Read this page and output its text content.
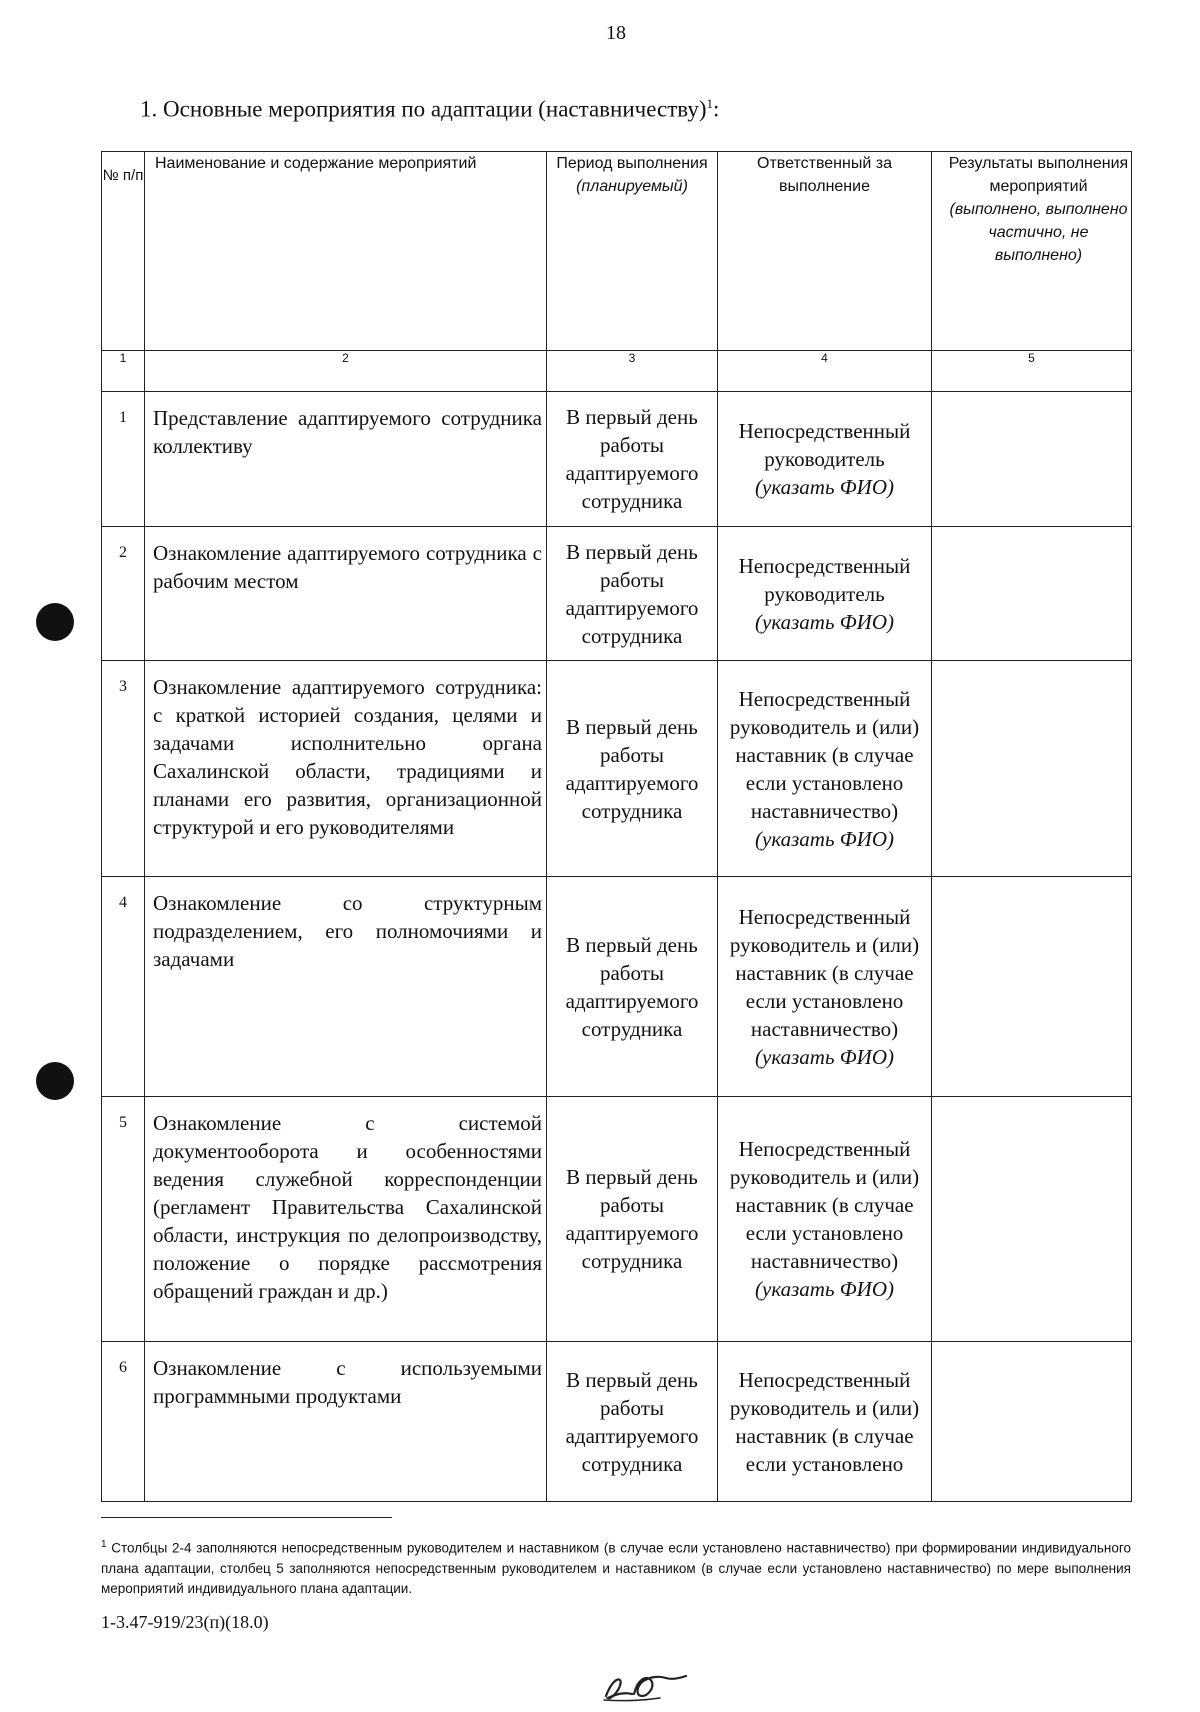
18
1. Основные мероприятия по адаптации (наставничеству)$^1$:
№ п/п	Наименование и содержание мероприятий	Период выполнения
(планируемый)	Ответственный за выполнение	Результаты выполнения мероприятий
(выполнено, выполнено частично, не выполнено)
1	2	3	4	5
1	Представление адаптируемого сотрудника коллективу	В первый день работы адаптируемого сотрудника	Непосредственный руководитель
(указать ФИО)	
2	Ознакомление адаптируемого сотрудника с рабочим местом	В первый день работы адаптируемого сотрудника	Непосредственный руководитель
(указать ФИО)	
3	Ознакомление адаптируемого сотрудника: с краткой историей создания, целями и задачами исполнительно органа Сахалинской области, традициями и планами его развития, организационной структурой и его руководителями	В первый день работы адаптируемого сотрудника	Непосредственный руководитель и (или) наставник (в случае если установлено наставничество)
(указать ФИО)	
4	Ознакомление со структурным подразделением, его полномочиями и задачами	В первый день работы адаптируемого сотрудника	Непосредственный руководитель и (или) наставник (в случае если установлено наставничество)
(указать ФИО)	
5	Ознакомление с системой документооборота и особенностями ведения служебной корреспонденции (регламент Правительства Сахалинской области, инструкция по делопроизводству, положение о порядке рассмотрения обращений граждан и др.)	В первый день работы адаптируемого сотрудника	Непосредственный руководитель и (или) наставник (в случае если установлено наставничество)
(указать ФИО)	
6	Ознакомление с используемыми программными продуктами	В первый день работы адаптируемого сотрудника	Непосредственный руководитель и (или) наставник (в случае если установлено	
$^1$ Столбцы 2-4 заполняются непосредственным руководителем и наставником (в случае если установлено наставничество) при формировании индивидуального плана адаптации, столбец 5 заполняются непосредственным руководителем и наставником (в случае если установлено наставничество) по мере выполнения мероприятий индивидуального плана адаптации.
1-3.47-919/23(п)(18.0)
